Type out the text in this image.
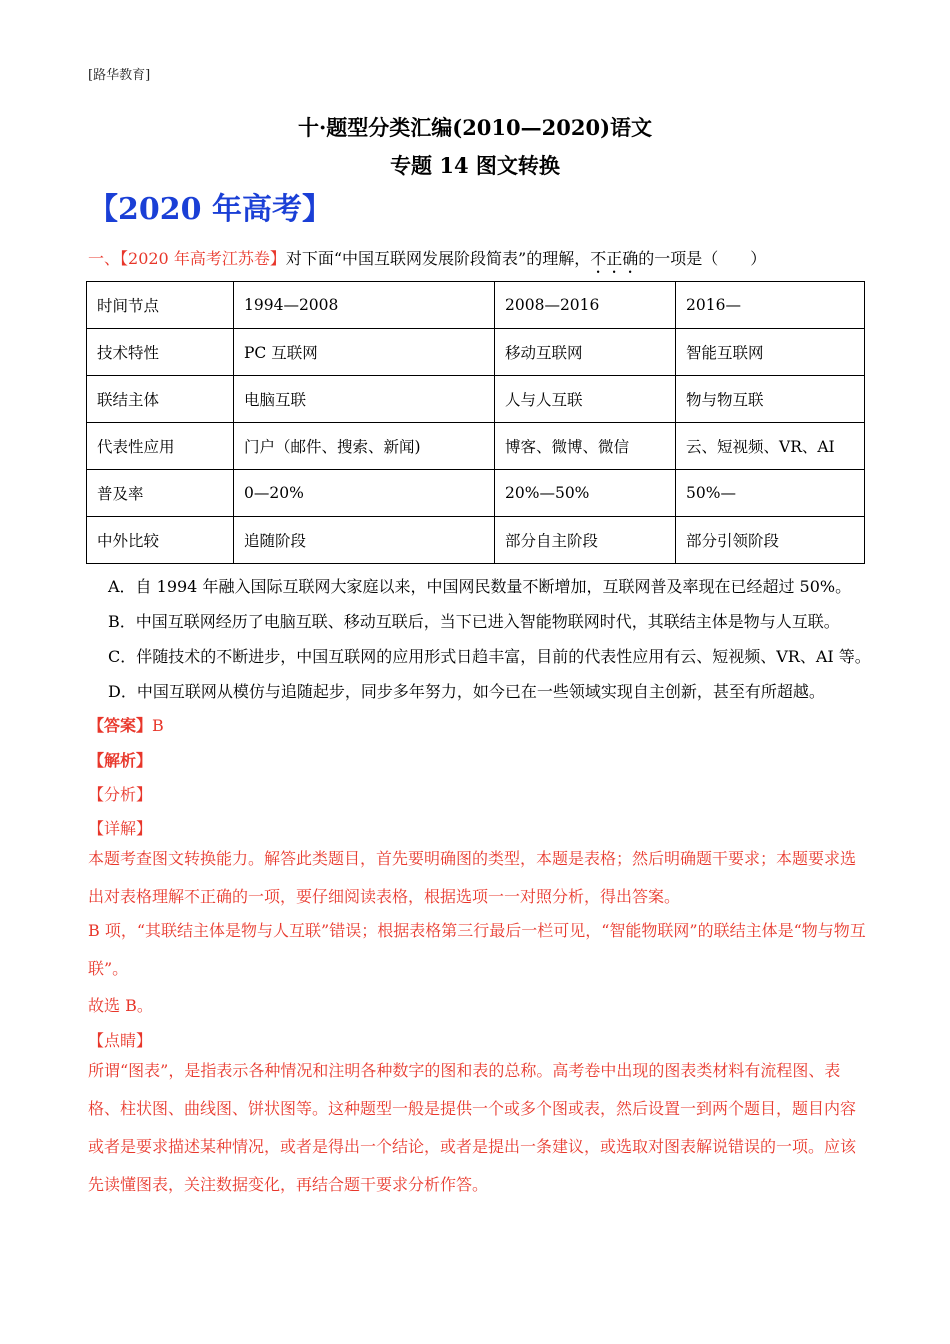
[路华教育]
十·题型分类汇编(2010—2020)语文
专题 14 图文转换
【2020 年高考】
一、【2020 年高考江苏卷】对下面“中国互联网发展阶段简表”的理解，不正确的一项是（　　）
时间节点	1994—2008	2008—2016	2016—
技术特性	PC 互联网	移动互联网	智能互联网
联结主体	电脑互联	人与人互联	物与物互联
代表性应用	门户（邮件、搜索、新闻)	博客、微博、微信	云、短视频、VR、AI
普及率	0—20%	20%—50%	50%—
中外比较	追随阶段	部分自主阶段	部分引领阶段
A．自 1994 年融入国际互联网大家庭以来，中国网民数量不断增加，互联网普及率现在已经超过 50%。
B．中国互联网经历了电脑互联、移动互联后，当下已进入智能物联网时代，其联结主体是物与人互联。
C．伴随技术的不断进步，中国互联网的应用形式日趋丰富，目前的代表性应用有云、短视频、VR、AI 等。
D．中国互联网从模仿与追随起步，同步多年努力，如今已在一些领域实现自主创新，甚至有所超越。
【答案】B
【解析】
【分析】
【详解】
本题考查图文转换能力。解答此类题目，首先要明确图的类型，本题是表格；然后明确题干要求；本题要求选出对表格理解不正确的一项，要仔细阅读表格，根据选项一一对照分析，得出答案。
B 项，“其联结主体是物与人互联”错误；根据表格第三行最后一栏可见，“智能物联网”的联结主体是“物与物互联”。
故选 B。
【点睛】
所谓“图表”，是指表示各种情况和注明各种数字的图和表的总称。高考卷中出现的图表类材料有流程图、表格、柱状图、曲线图、饼状图等。这种题型一般是提供一个或多个图或表，然后设置一到两个题目，题目内容或者是要求描述某种情况，或者是得出一个结论，或者是提出一条建议，或选取对图表解说错误的一项。应该先读懂图表，关注数据变化，再结合题干要求分析作答。
